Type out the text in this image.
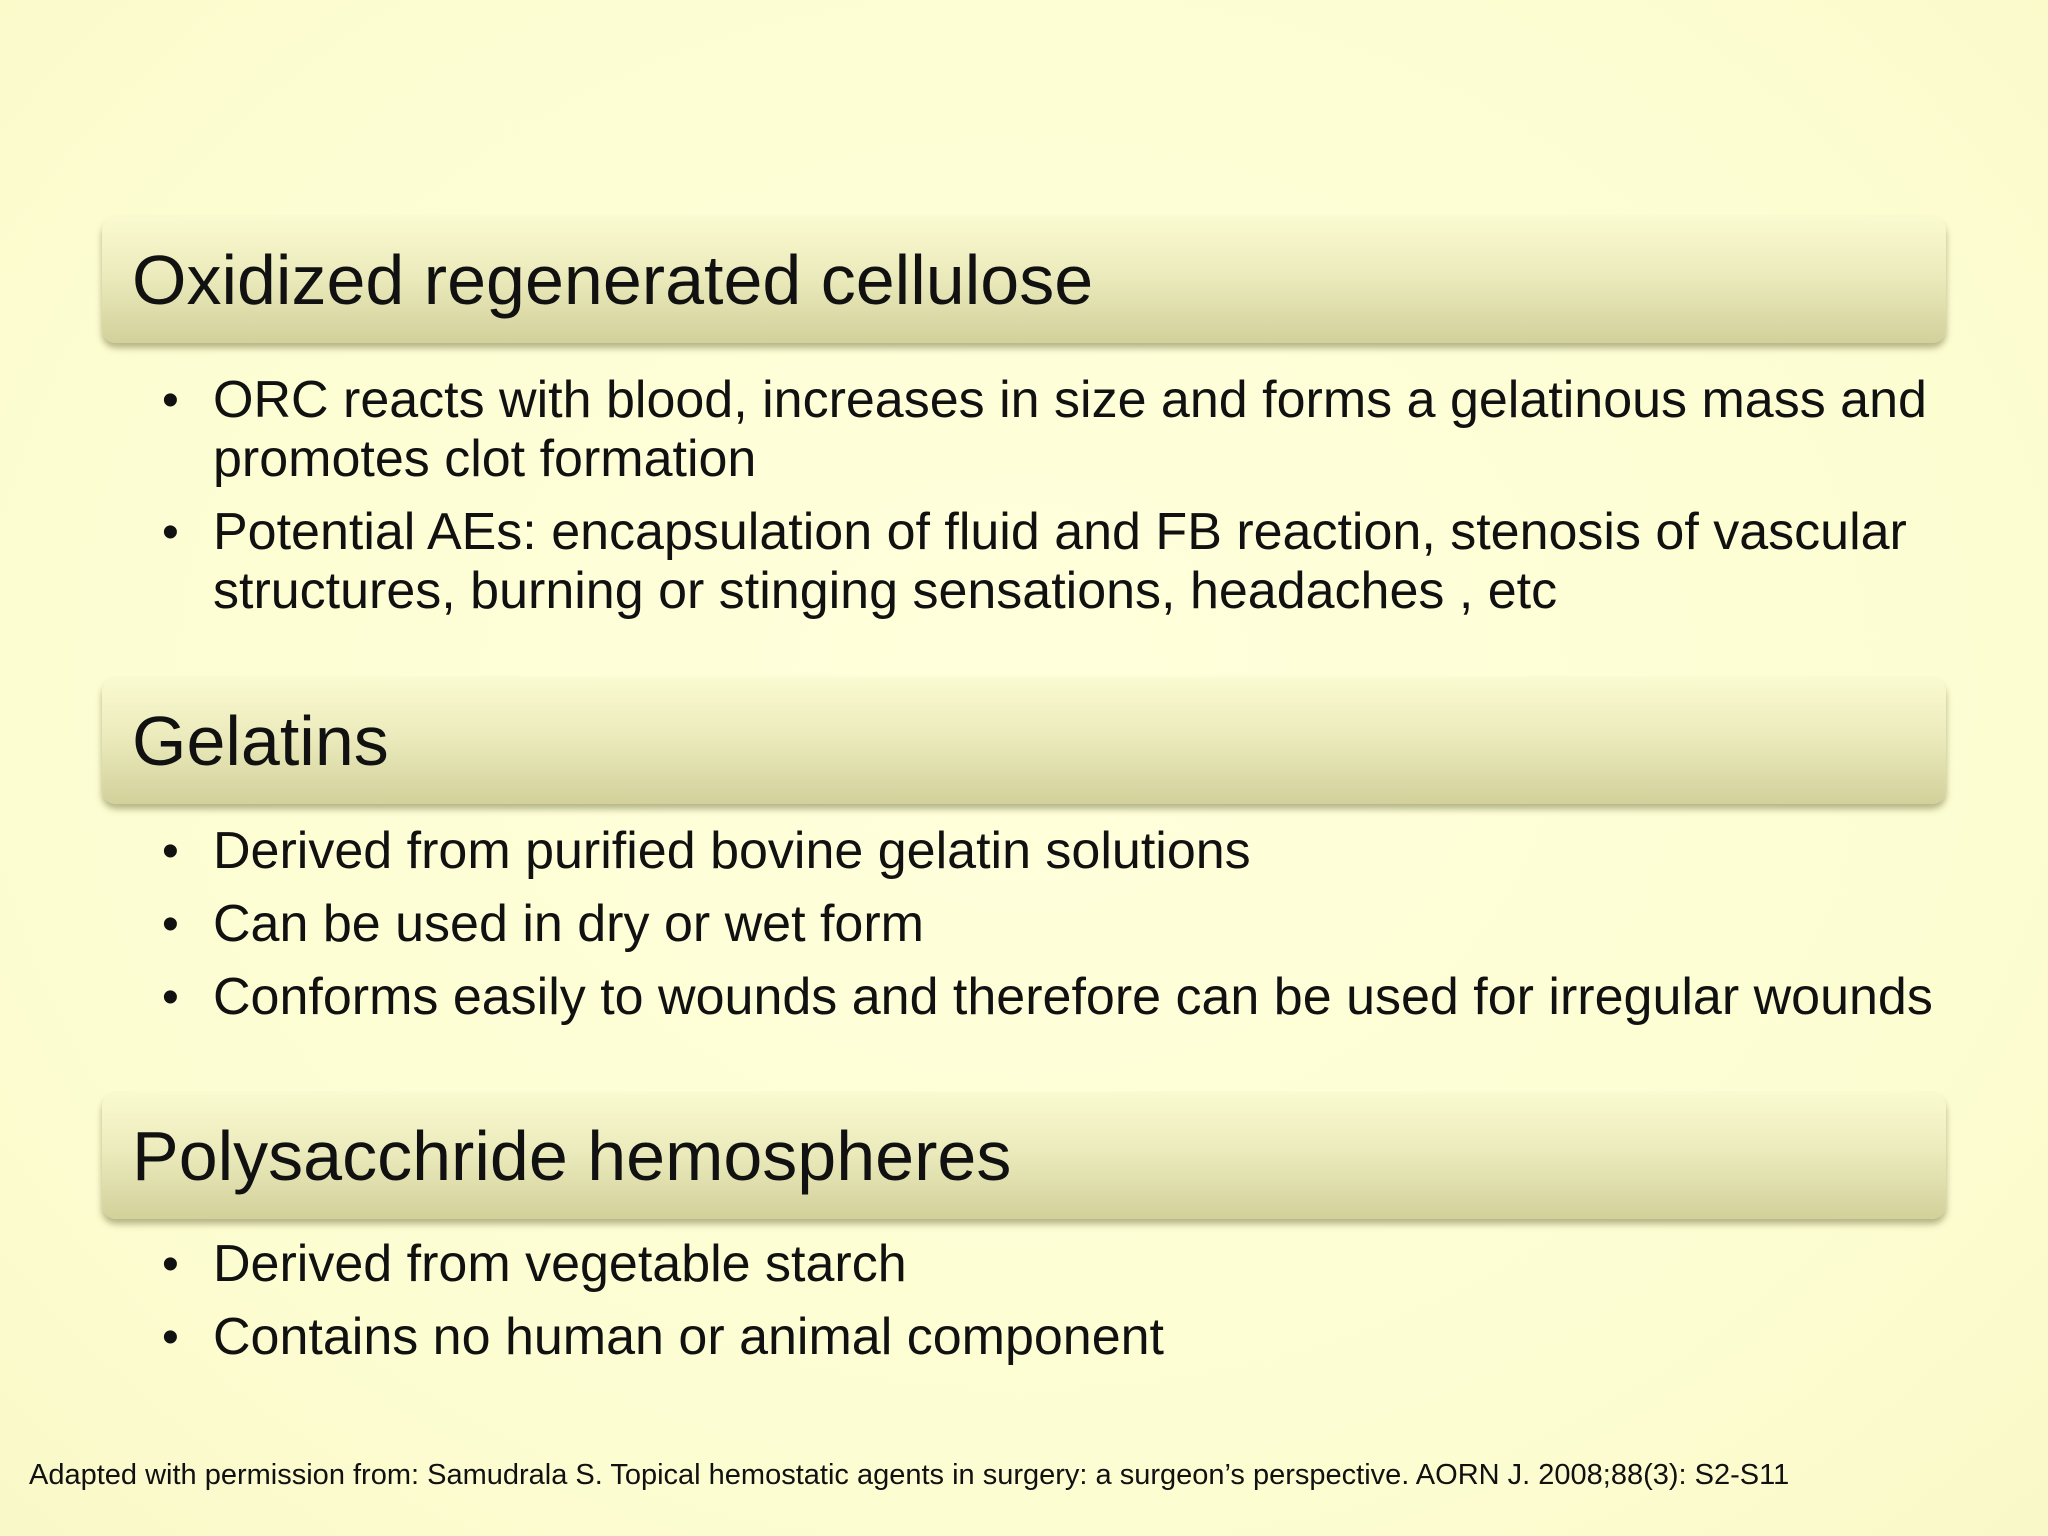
Oxidized regenerated cellulose
• ORC reacts with blood, increases in size and forms a gelatinous mass and promotes clot formation
• Potential AEs: encapsulation of fluid and FB reaction, stenosis of vascular structures, burning or stinging sensations, headaches , etc
Gelatins
• Derived from purified bovine gelatin solutions
• Can be used in dry or wet form
• Conforms easily to wounds and therefore can be used for irregular wounds
Polysacchride hemospheres
• Derived from vegetable starch
• Contains no human or animal component
Adapted with permission from: Samudrala S. Topical hemostatic agents in surgery: a surgeon’s perspective. AORN J. 2008;88(3): S2-S11
